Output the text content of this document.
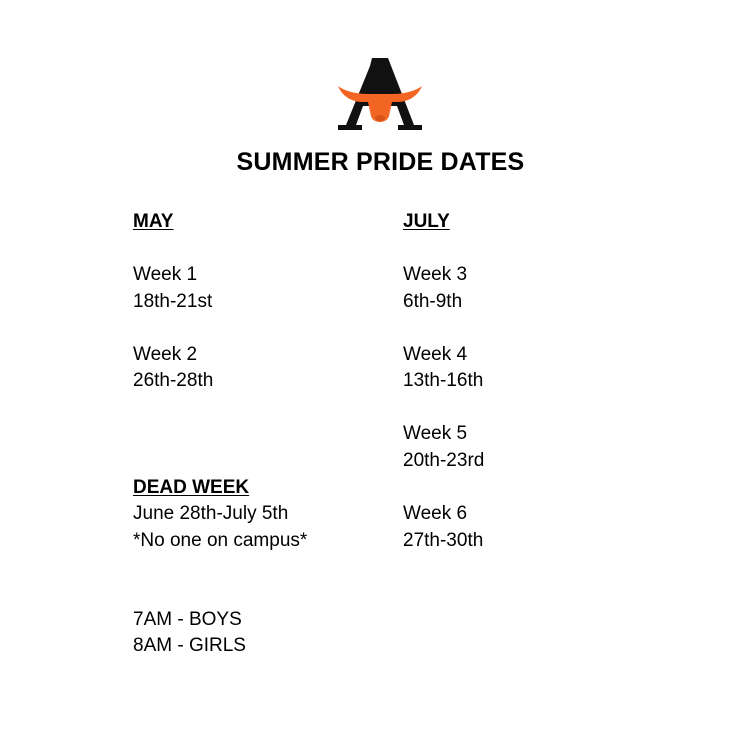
SUMMER PRIDE DATES
MAY
Week 1
18th-21st
Week 2
26th-28th
DEAD WEEK
June 28th-July 5th
*No one on campus*
7AM - BOYS
8AM - GIRLS
JULY
Week 3
6th-9th
Week 4
13th-16th
Week 5
20th-23rd
Week 6
27th-30th
